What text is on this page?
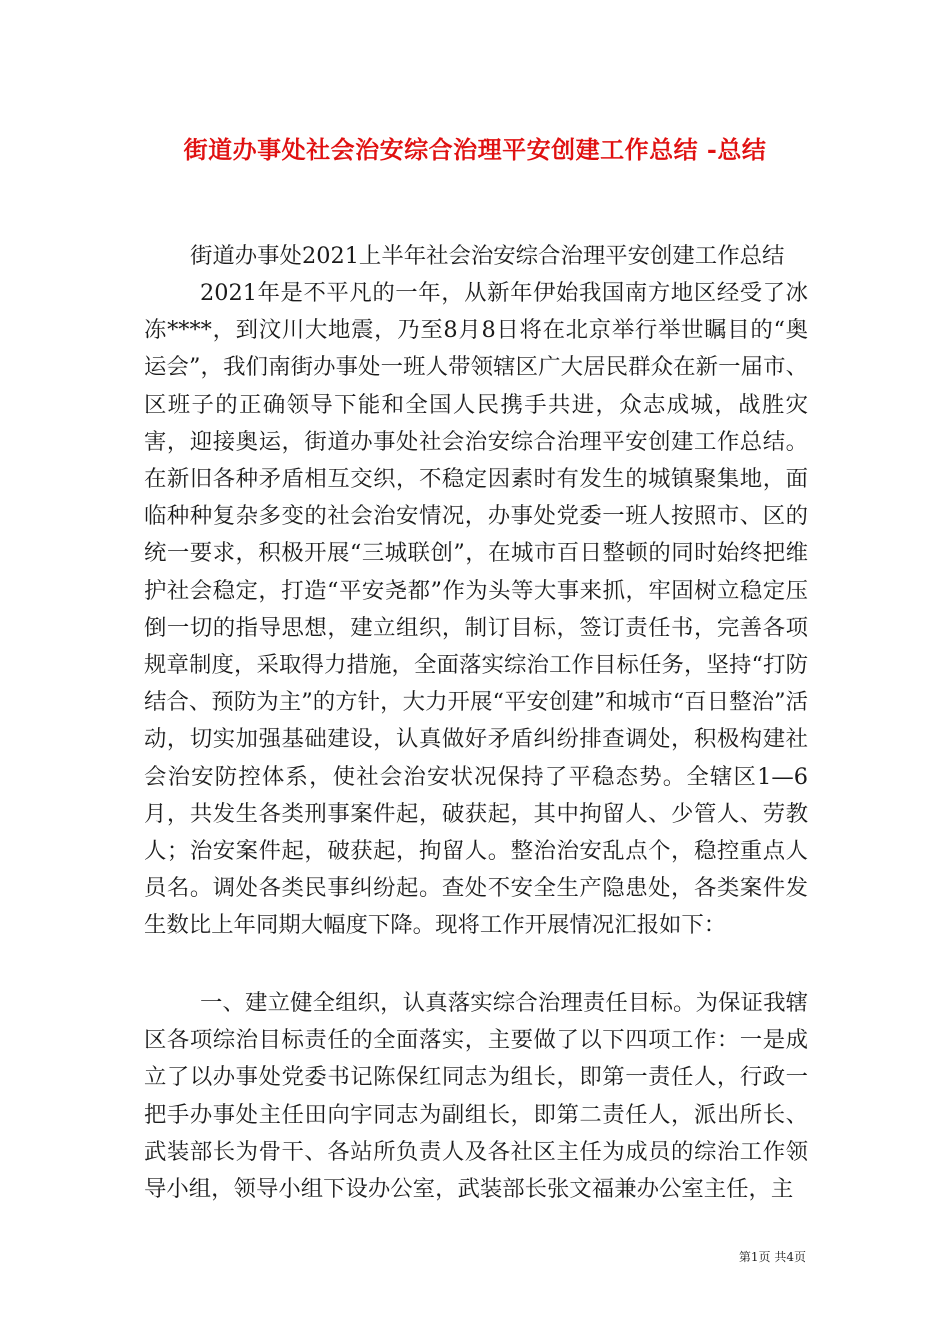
街道办事处社会治安综合治理平安创建工作总结 -总结
街道办事处2021上半年社会治安综合治理平安创建工作总结

2021年是不平凡的一年，从新年伊始我国南方地区经受了冰冻****，到汶川大地震，乃至8月8日将在北京举行举世瞩目的“奥运会”，我们南街办事处一班人带领辖区广大居民群众在新一届市、区班子的正确领导下能和全国人民携手共进，众志成城，战胜灾害，迎接奥运，街道办事处社会治安综合治理平安创建工作总结。在新旧各种矛盾相互交织，不稳定因素时有发生的城镇聚集地，面临种种复杂多变的社会治安情况，办事处党委一班人按照市、区的统一要求，积极开展“三城联创”，在城市百日整顿的同时始终把维护社会稳定，打造“平安尧都”作为头等大事来抓，牢固树立稳定压倒一切的指导思想，建立组织，制订目标，签订责任书，完善各项规章制度，采取得力措施，全面落实综治工作目标任务，坚持“打防结合、预防为主”的方针，大力开展“平安创建”和城市“百日整治”活动，切实加强基础建设，认真做好矛盾纠纷排查调处，积极构建社会治安防控体系，使社会治安状况保持了平稳态势。全辖区1—6月，共发生各类刑事案件起，破获起，其中拘留人、少管人、劳教人；治安案件起，破获起，拘留人。整治治安乱点个，稳控重点人员名。调处各类民事纠纷起。查处不安全生产隐患处，各类案件发生数比上年同期大幅度下降。现将工作开展情况汇报如下：

一、建立健全组织，认真落实综合治理责任目标。为保证我辖区各项综治目标责任的全面落实，主要做了以下四项工作：一是成立了以办事处党委书记陈保红同志为组长，即第一责任人，行政一把手办事处主任田向宇同志为副组长，即第二责任人，派出所长、武装部长为骨干、各站所负责人及各社区主任为成员的综治工作领导小组，领导小组下设办公室，武装部长张文福兼办公室主任，主

第1页 共4页
